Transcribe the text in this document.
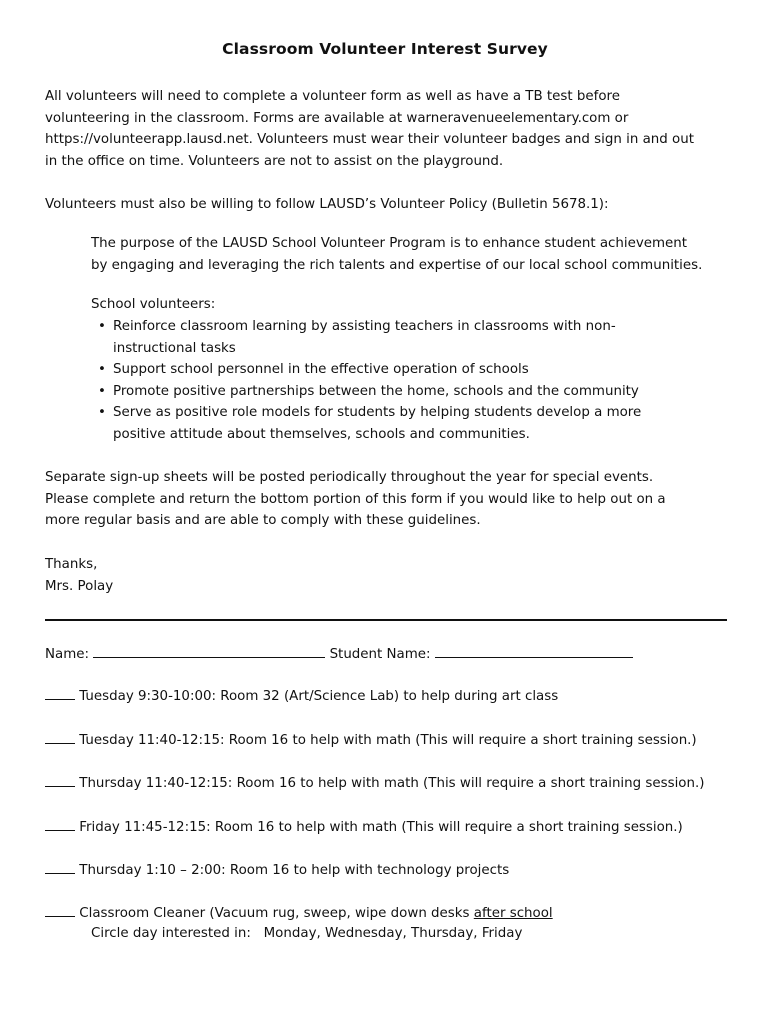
Classroom Volunteer Interest Survey
All volunteers will need to complete a volunteer form as well as have a TB test before
volunteering in the classroom. Forms are available at warneravenueelementary.com or
https://volunteerapp.lausd.net. Volunteers must wear their volunteer badges and sign in and out
in the office on time. Volunteers are not to assist on the playground.
Volunteers must also be willing to follow LAUSD’s Volunteer Policy (Bulletin 5678.1):
The purpose of the LAUSD School Volunteer Program is to enhance student achievement
by engaging and leveraging the rich talents and expertise of our local school communities.
School volunteers:
• Reinforce classroom learning by assisting teachers in classrooms with non-instructional tasks
• Support school personnel in the effective operation of schools
• Promote positive partnerships between the home, schools and the community
• Serve as positive role models for students by helping students develop a more positive attitude about themselves, schools and communities.
Separate sign-up sheets will be posted periodically throughout the year for special events.
Please complete and return the bottom portion of this form if you would like to help out on a
more regular basis and are able to comply with these guidelines.
Thanks,
Mrs. Polay
Name:	Student Name:
Tuesday 9:30-10:00: Room 32 (Art/Science Lab) to help during art class
Tuesday 11:40-12:15: Room 16 to help with math (This will require a short training session.)
Thursday 11:40-12:15: Room 16 to help with math (This will require a short training session.)
Friday 11:45-12:15: Room 16 to help with math (This will require a short training session.)
Thursday 1:10 – 2:00: Room 16 to help with technology projects
Classroom Cleaner (Vacuum rug, sweep, wipe down desks after school
Circle day interested in: Monday, Wednesday, Thursday, Friday
